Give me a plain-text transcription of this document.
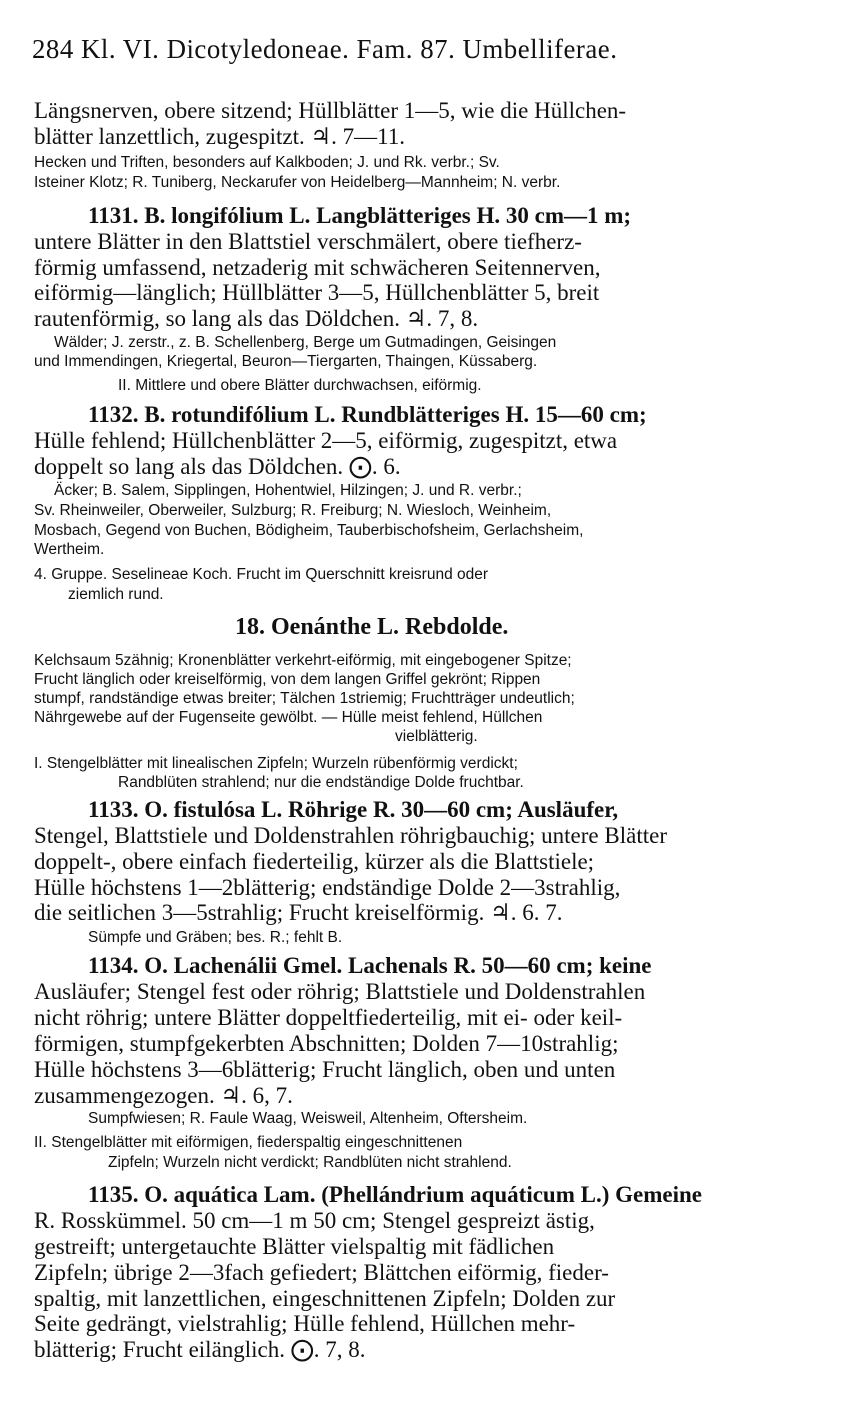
284 Kl. VI. Dicotyledoneae. Fam. 87. Umbelliferae.
Längsnerven, obere sitzend; Hüllblätter 1—5, wie die Hüllchen-
blätter lanzettlich, zugespitzt. ♃. 7—11.
Hecken und Triften, besonders auf Kalkboden; J. und Rk. verbr.; Sv.
Isteiner Klotz; R. Tuniberg, Neckarufer von Heidelberg—Mannheim; N. verbr.
1131. B. longifólium L. Langblätteriges H. 30 cm—1 m;
untere Blätter in den Blattstiel verschmälert, obere tiefherz-
förmig umfassend, netzaderig mit schwächeren Seitennerven,
eiförmig—länglich; Hüllblätter 3—5, Hüllchenblätter 5, breit
rautenförmig, so lang als das Döldchen. ♃. 7, 8.
Wälder; J. zerstr., z. B. Schellenberg, Berge um Gutmadingen, Geisingen
und Immendingen, Kriegertal, Beuron—Tiergarten, Thaingen, Küssaberg.
II. Mittlere und obere Blätter durchwachsen, eiförmig.
1132. B. rotundifólium L. Rundblätteriges H. 15—60 cm;
Hülle fehlend; Hüllchenblätter 2—5, eiförmig, zugespitzt, etwa
doppelt so lang als das Döldchen. ⨀. 6.
Äcker; B. Salem, Sipplingen, Hohentwiel, Hilzingen; J. und R. verbr.;
Sv. Rheinweiler, Oberweiler, Sulzburg; R. Freiburg; N. Wiesloch, Weinheim,
Mosbach, Gegend von Buchen, Bödigheim, Tauberbischofsheim, Gerlachsheim,
Wertheim.
4. Gruppe. Seselineae Koch. Frucht im Querschnitt kreisrund oder
ziemlich rund.
18. Oenánthe L. Rebdolde.
Kelchsaum 5zähnig; Kronenblätter verkehrt-eiförmig, mit eingebogener Spitze;
Frucht länglich oder kreiselförmig, von dem langen Griffel gekrönt; Rippen
stumpf, randständige etwas breiter; Tälchen 1striemig; Fruchtträger undeutlich;
Nährgewebe auf der Fugenseite gewölbt. — Hülle meist fehlend, Hüllchen
vielblätterig.
I. Stengelblätter mit linealischen Zipfeln; Wurzeln rübenförmig verdickt;
Randblüten strahlend; nur die endständige Dolde fruchtbar.
1133. O. fistulósa L. Röhrige R. 30—60 cm; Ausläufer,
Stengel, Blattstiele und Doldenstrahlen röhrigbauchig; untere Blätter
doppelt-, obere einfach fiederteilig, kürzer als die Blattstiele;
Hülle höchstens 1—2blätterig; endständige Dolde 2—3strahlig,
die seitlichen 3—5strahlig; Frucht kreiselförmig. ♃. 6. 7.
Sümpfe und Gräben; bes. R.; fehlt B.
1134. O. Lachenálii Gmel. Lachenals R. 50—60 cm; keine
Ausläufer; Stengel fest oder röhrig; Blattstiele und Doldenstrahlen
nicht röhrig; untere Blätter doppeltfiederteilig, mit ei- oder keil-
förmigen, stumpfgekerbten Abschnitten; Dolden 7—10strahlig;
Hülle höchstens 3—6blätterig; Frucht länglich, oben und unten
zusammengezogen. ♃. 6, 7.
Sumpfwiesen; R. Faule Waag, Weisweil, Altenheim, Oftersheim.
II. Stengelblätter mit eiförmigen, fiederspaltig eingeschnittenen
Zipfeln; Wurzeln nicht verdickt; Randblüten nicht strahlend.
1135. O. aquática Lam. (Phellándrium aquáticum L.) Gemeine
R. Rosskümmel. 50 cm—1 m 50 cm; Stengel gespreizt ästig,
gestreift; untergetauchte Blätter vielspaltig mit fädlichen
Zipfeln; übrige 2—3fach gefiedert; Blättchen eiförmig, fieder-
spaltig, mit lanzettlichen, eingeschnittenen Zipfeln; Dolden zur
Seite gedrängt, vielstrahlig; Hülle fehlend, Hüllchen mehr-
blätterig; Frucht eilänglich. ⨀. 7, 8.
